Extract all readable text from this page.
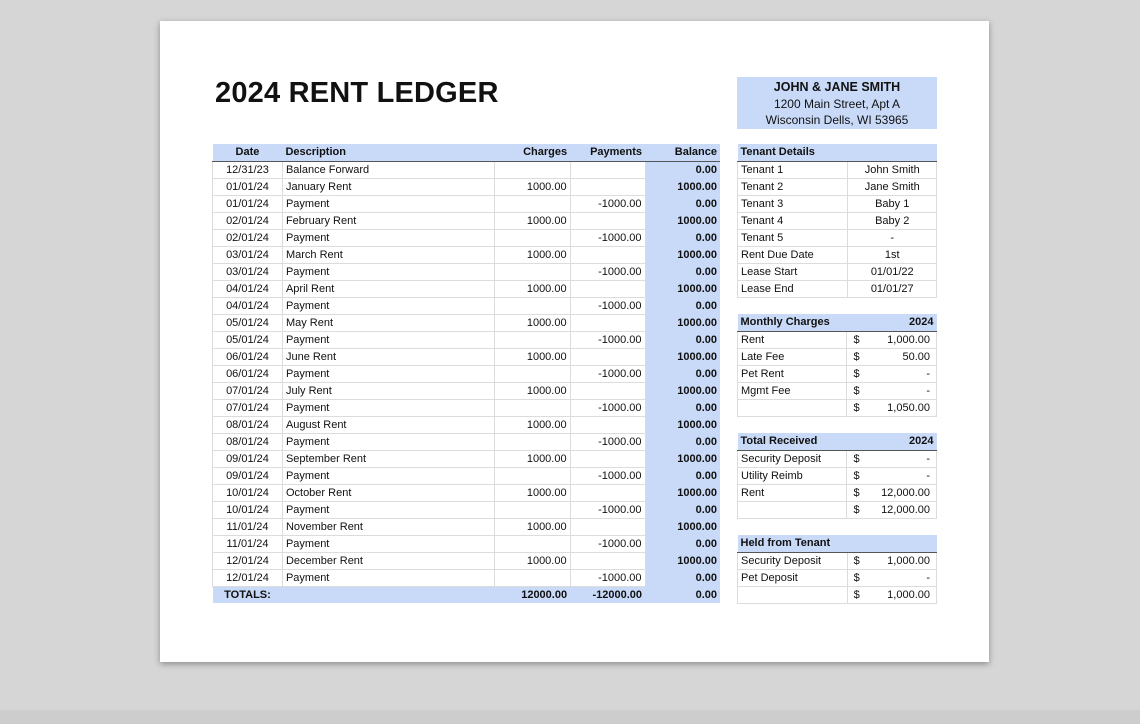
2024 RENT LEDGER	JOHN & JANE SMITH
1200 Main Street, Apt A
Wisconsin Dells, WI 53965
Date	Description	Charges	Payments	Balance
12/31/23	Balance Forward			0.00
01/01/24	January Rent	1000.00		1000.00
01/01/24	Payment		-1000.00	0.00
02/01/24	February Rent	1000.00		1000.00
02/01/24	Payment		-1000.00	0.00
03/01/24	March Rent	1000.00		1000.00
03/01/24	Payment		-1000.00	0.00
04/01/24	April Rent	1000.00		1000.00
04/01/24	Payment		-1000.00	0.00
05/01/24	May Rent	1000.00		1000.00
05/01/24	Payment		-1000.00	0.00
06/01/24	June Rent	1000.00		1000.00
06/01/24	Payment		-1000.00	0.00
07/01/24	July Rent	1000.00		1000.00
07/01/24	Payment		-1000.00	0.00
08/01/24	August Rent	1000.00		1000.00
08/01/24	Payment		-1000.00	0.00
09/01/24	September Rent	1000.00		1000.00
09/01/24	Payment		-1000.00	0.00
10/01/24	October Rent	1000.00		1000.00
10/01/24	Payment		-1000.00	0.00
11/01/24	November Rent	1000.00		1000.00
11/01/24	Payment		-1000.00	0.00
12/01/24	December Rent	1000.00		1000.00
12/01/24	Payment		-1000.00	0.00
TOTALS:		12000.00	-12000.00	0.00
Tenant Details	
Tenant 1	John Smith
Tenant 2	Jane Smith
Tenant 3	Baby 1
Tenant 4	Baby 2
Tenant 5	-
Rent Due Date	1st
Lease Start	01/01/22
Lease End	01/01/27
Monthly Charges		2024
Rent	$	1,000.00
Late Fee	$	50.00
Pet Rent	$	-
Mgmt Fee	$	-
	$	1,050.00
Total Received		2024
Security Deposit	$	-
Utility Reimb	$	-
Rent	$	12,000.00
	$	12,000.00
Held from Tenant		
Security Deposit	$	1,000.00
Pet Deposit	$	-
	$	1,000.00
